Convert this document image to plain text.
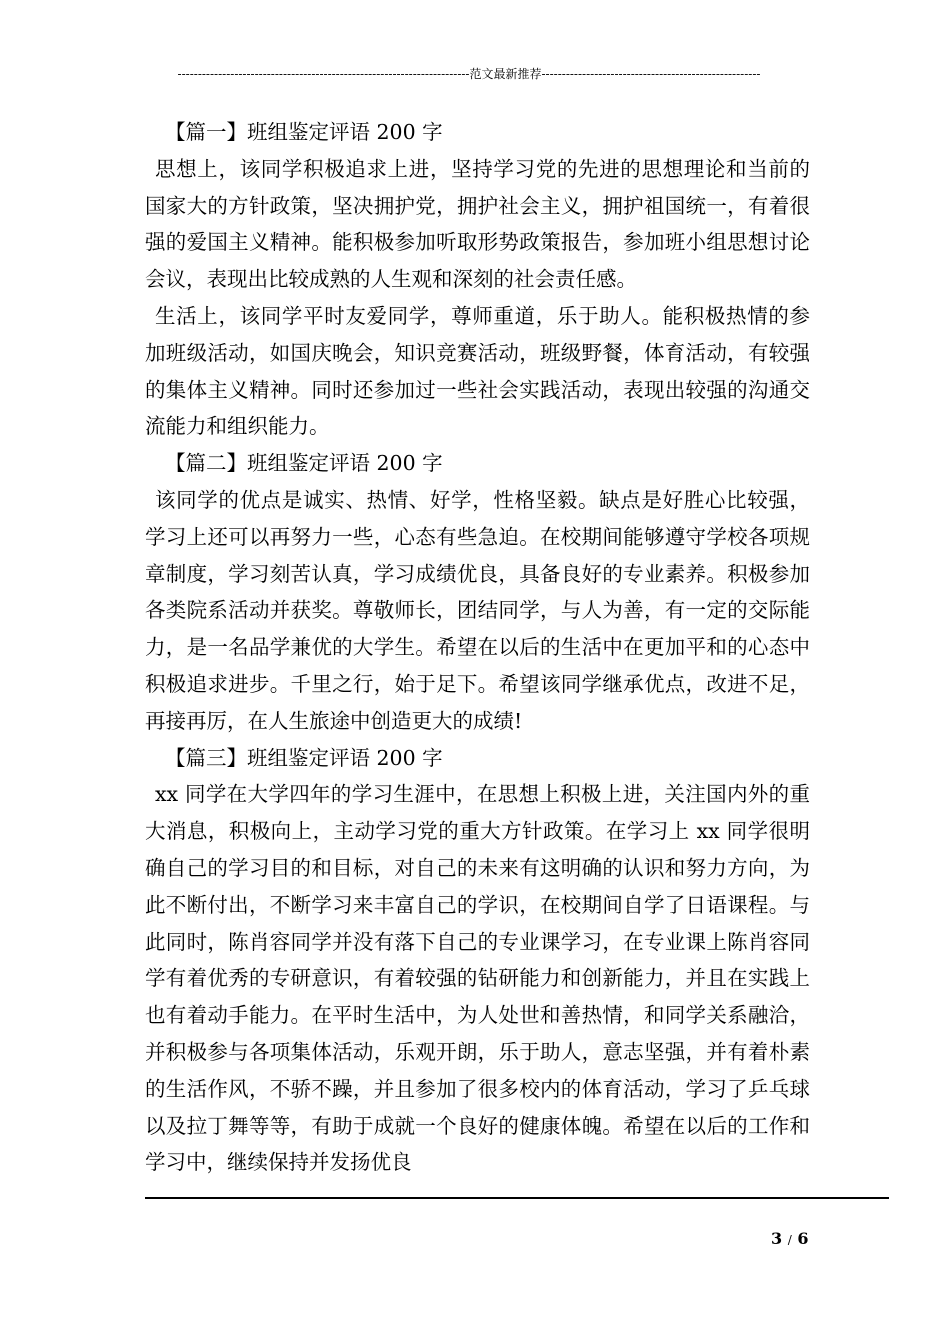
------------------------------------------------------------------------范文最新推荐------------------------------------------------------

【篇一】班组鉴定评语 200 字

思想上，该同学积极追求上进，坚持学习党的先进的思想理论和当前的国家大的方针政策，坚决拥护党，拥护社会主义，拥护祖国统一，有着很强的爱国主义精神。能积极参加听取形势政策报告，参加班小组思想讨论会议，表现出比较成熟的人生观和深刻的社会责任感。

生活上，该同学平时友爱同学，尊师重道，乐于助人。能积极热情的参加班级活动，如国庆晚会，知识竞赛活动，班级野餐，体育活动，有较强的集体主义精神。同时还参加过一些社会实践活动，表现出较强的沟通交流能力和组织能力。

【篇二】班组鉴定评语 200 字

该同学的优点是诚实、热情、好学，性格坚毅。缺点是好胜心比较强，学习上还可以再努力一些，心态有些急迫。在校期间能够遵守学校各项规章制度，学习刻苦认真，学习成绩优良，具备良好的专业素养。积极参加各类院系活动并获奖。尊敬师长，团结同学，与人为善，有一定的交际能力，是一名品学兼优的大学生。希望在以后的生活中在更加平和的心态中积极追求进步。千里之行，始于足下。希望该同学继承优点，改进不足，再接再厉，在人生旅途中创造更大的成绩!

【篇三】班组鉴定评语 200 字

xx 同学在大学四年的学习生涯中，在思想上积极上进，关注国内外的重大消息，积极向上，主动学习党的重大方针政策。在学习上 xx 同学很明确自己的学习目的和目标，对自己的未来有这明确的认识和努力方向，为此不断付出，不断学习来丰富自己的学识，在校期间自学了日语课程。与此同时，陈肖容同学并没有落下自己的专业课学习，在专业课上陈肖容同学有着优秀的专研意识，有着较强的钻研能力和创新能力，并且在实践上也有着动手能力。在平时生活中，为人处世和善热情，和同学关系融洽，并积极参与各项集体活动，乐观开朗，乐于助人，意志坚强，并有着朴素的生活作风，不骄不躁，并且参加了很多校内的体育活动，学习了乒乓球以及拉丁舞等等，有助于成就一个良好的健康体魄。希望在以后的工作和学习中，继续保持并发扬优良

3 / 6
